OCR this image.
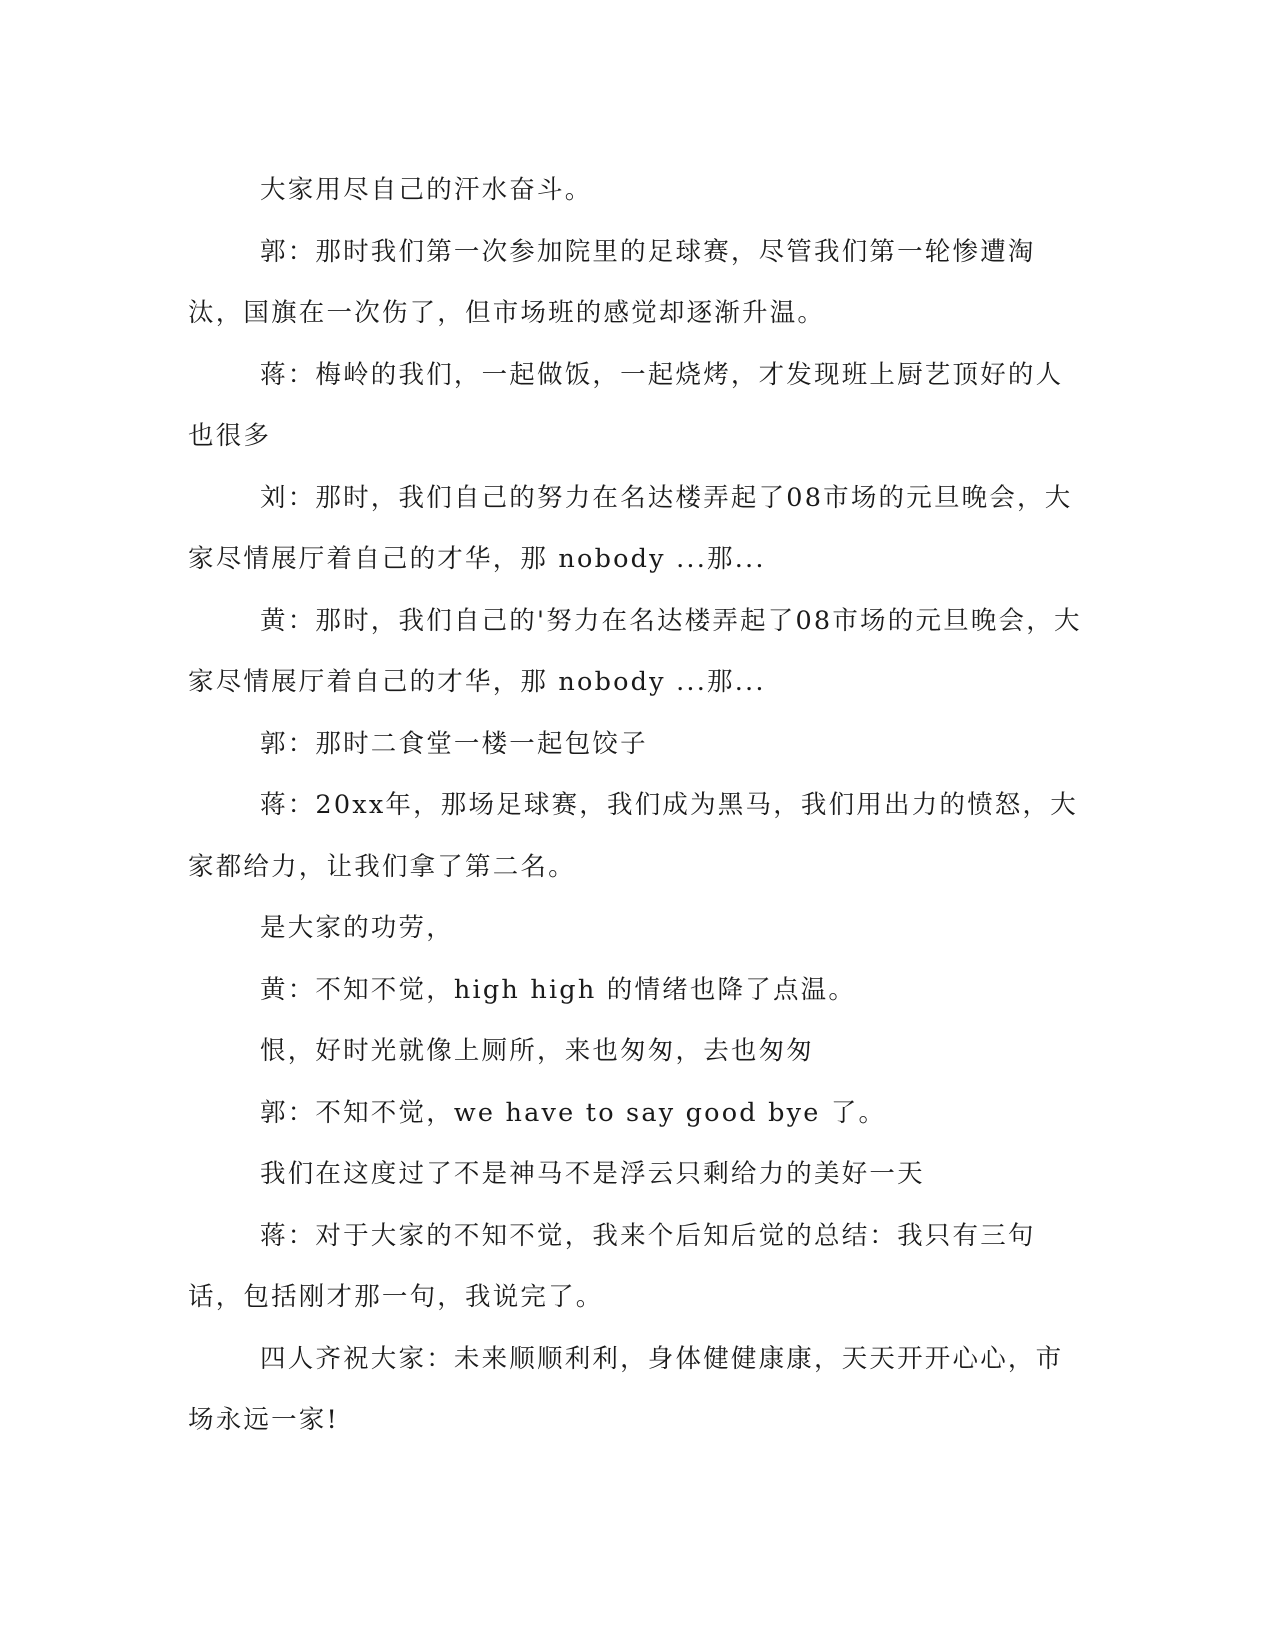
大家用尽自己的汗水奋斗。

郭：那时我们第一次参加院里的足球赛，尽管我们第一轮惨遭淘汰，国旗在一次伤了，但市场班的感觉却逐渐升温。

蒋：梅岭的我们，一起做饭，一起烧烤，才发现班上厨艺顶好的人也很多

刘：那时，我们自己的努力在名达楼弄起了08市场的元旦晚会，大家尽情展厅着自己的才华，那 nobody ...那...

黄：那时，我们自己的'努力在名达楼弄起了08市场的元旦晚会，大家尽情展厅着自己的才华，那 nobody ...那...

郭：那时二食堂一楼一起包饺子

蒋：20xx年，那场足球赛，我们成为黑马，我们用出力的愤怒，大家都给力，让我们拿了第二名。

是大家的功劳，

黄：不知不觉，high high 的情绪也降了点温。

恨，好时光就像上厕所，来也匆匆，去也匆匆

郭：不知不觉，we have to say good bye 了。

我们在这度过了不是神马不是浮云只剩给力的美好一天

蒋：对于大家的不知不觉，我来个后知后觉的总结：我只有三句话，包括刚才那一句，我说完了。

四人齐祝大家：未来顺顺利利，身体健健康康，天天开开心心，市场永远一家!
